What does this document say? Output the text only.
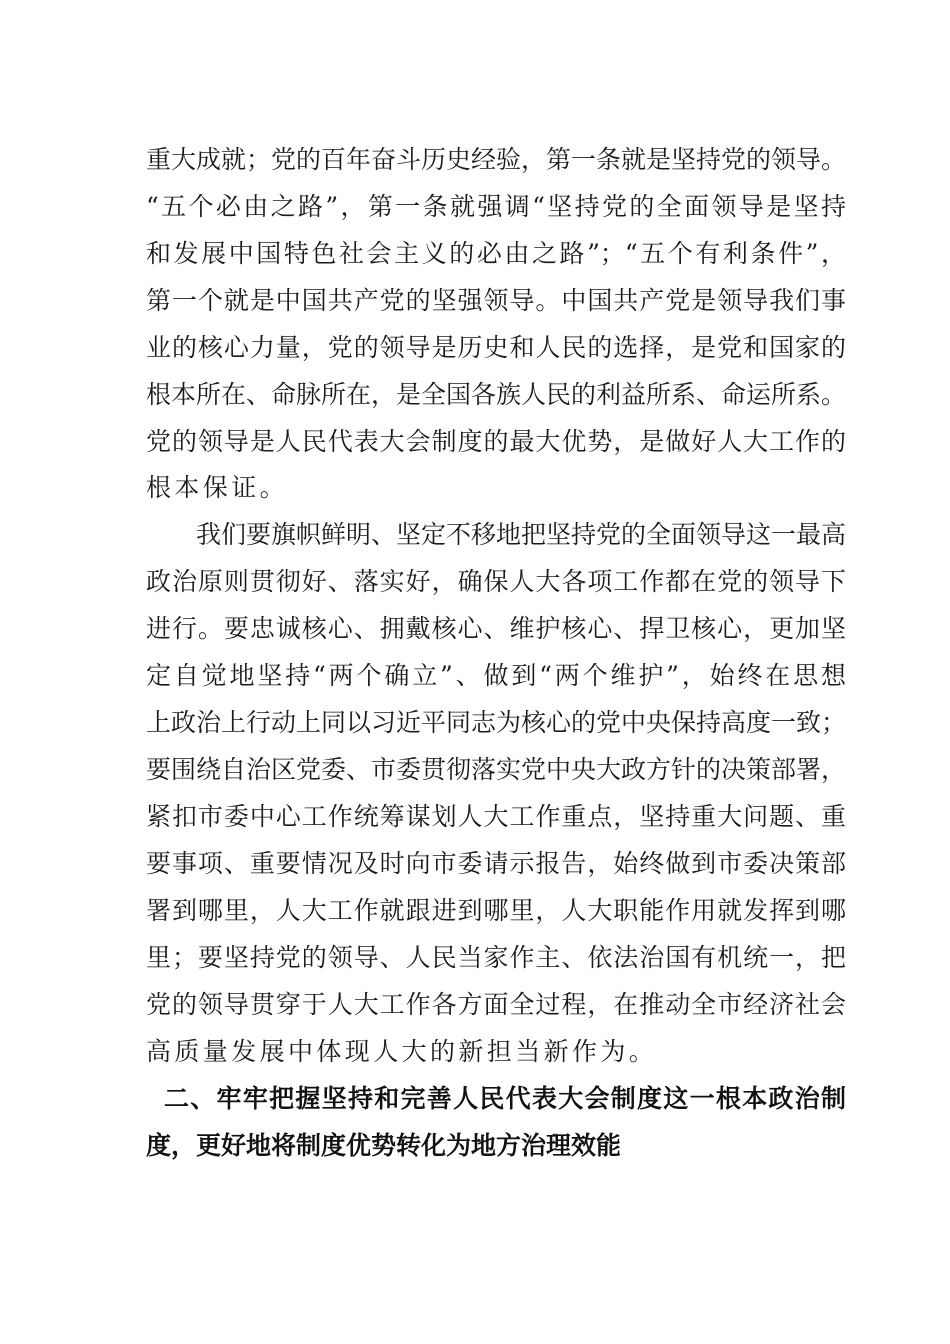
重大成就；党的百年奋斗历史经验，第一条就是坚持党的领导。
“五个必由之路”，第一条就强调“坚持党的全面领导是坚持
和发展中国特色社会主义的必由之路”；“五个有利条件”，
第一个就是中国共产党的坚强领导。中国共产党是领导我们事
业的核心力量，党的领导是历史和人民的选择，是党和国家的
根本所在、命脉所在，是全国各族人民的利益所系、命运所系。
党的领导是人民代表大会制度的最大优势，是做好人大工作的
根本保证。
我们要旗帜鲜明、坚定不移地把坚持党的全面领导这一最高
政治原则贯彻好、落实好，确保人大各项工作都在党的领导下
进行。要忠诚核心、拥戴核心、维护核心、捍卫核心，更加坚
定自觉地坚持“两个确立”、做到“两个维护”，始终在思想
上政治上行动上同以习近平同志为核心的党中央保持高度一致；
要围绕自治区党委、市委贯彻落实党中央大政方针的决策部署，
紧扣市委中心工作统筹谋划人大工作重点，坚持重大问题、重
要事项、重要情况及时向市委请示报告，始终做到市委决策部
署到哪里，人大工作就跟进到哪里，人大职能作用就发挥到哪
里；要坚持党的领导、人民当家作主、依法治国有机统一，把
党的领导贯穿于人大工作各方面全过程，在推动全市经济社会
高质量发展中体现人大的新担当新作为。
二、牢牢把握坚持和完善人民代表大会制度这一根本政治制
度，更好地将制度优势转化为地方治理效能
